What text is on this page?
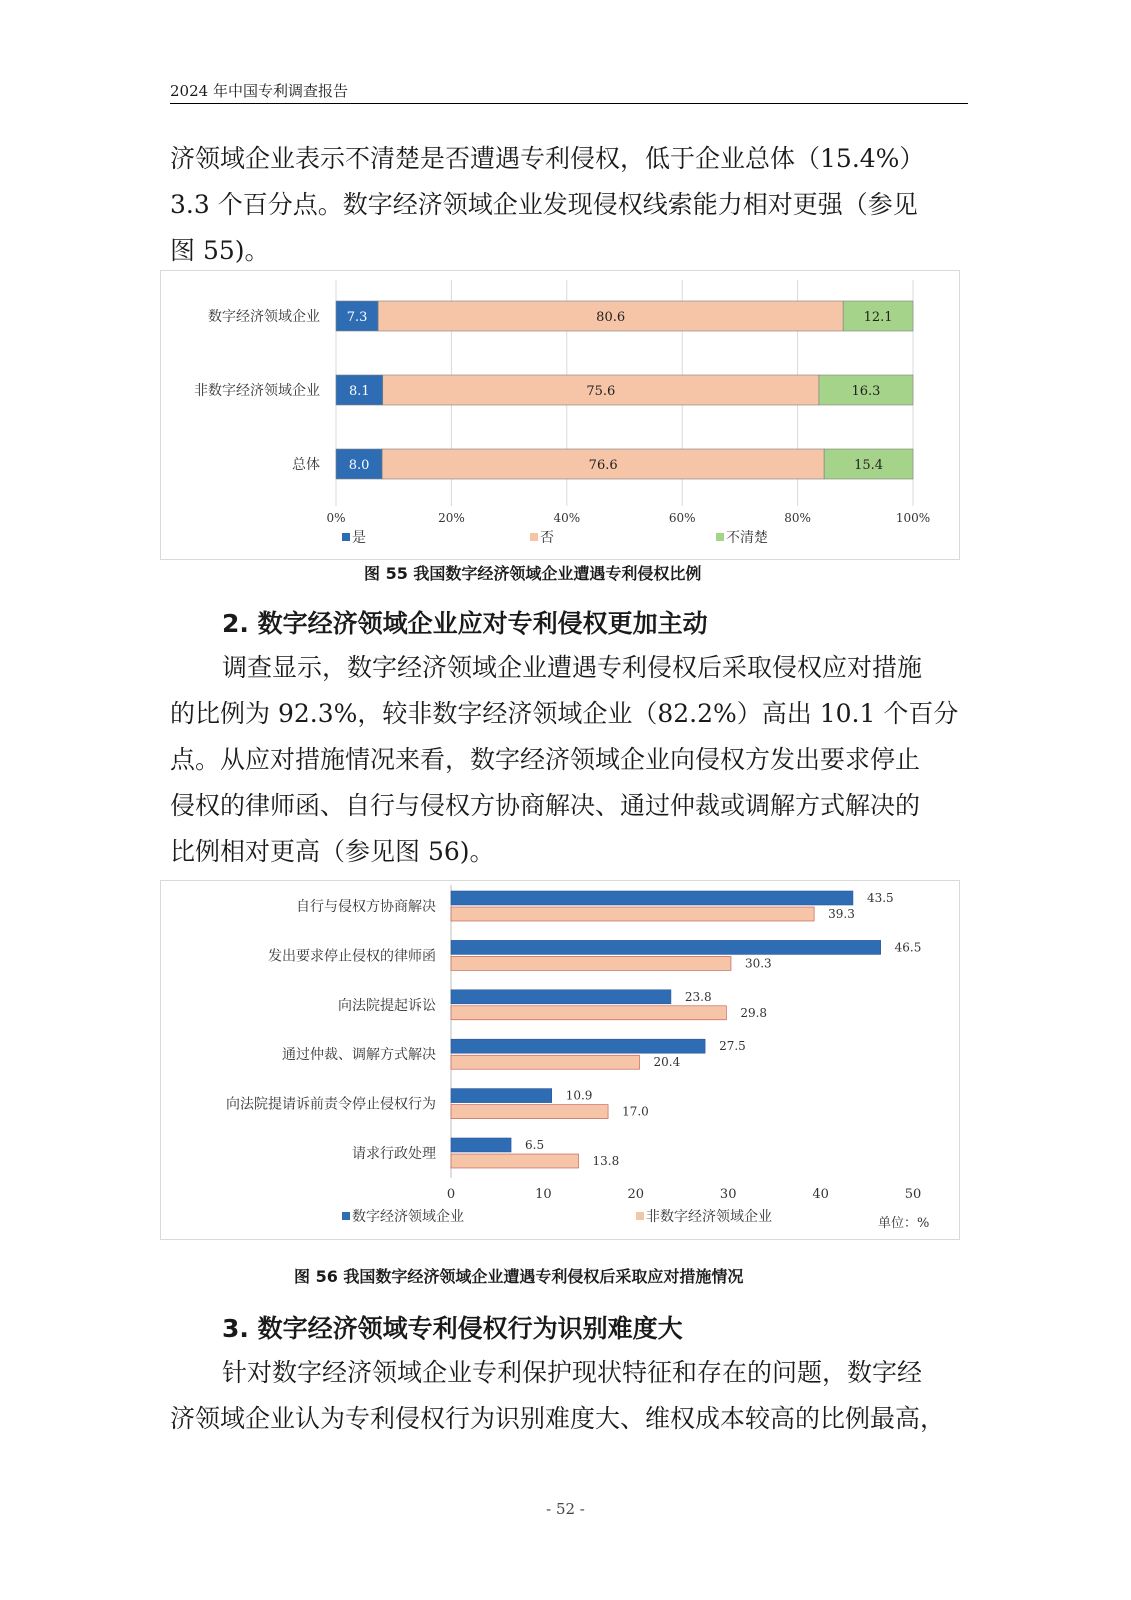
2024 年中国专利调查报告

济领域企业表示不清楚是否遭遇专利侵权，低于企业总体（15.4%）
3.3 个百分点。数字经济领域企业发现侵权线索能力相对更强（参见
图 55)。

0%	20%	40%	60%	80%	100%
数字经济领域企业 7.3	80.6	12.1
非数字经济领域企业 8.1	75.6	16.3
总体 8.0	76.6	15.4
是	否	不清楚
图 55 我国数字经济领域企业遭遇专利侵权比例
2. 数字经济领域企业应对专利侵权更加主动

调查显示，数字经济领域企业遭遇专利侵权后采取侵权应对措施
的比例为 92.3%，较非数字经济领域企业（82.2%）高出 10.1 个百分
点。从应对措施情况来看，数字经济领域企业向侵权方发出要求停止
侵权的律师函、自行与侵权方协商解决、通过仲裁或调解方式解决的
比例相对更高（参见图 56)。

0	10	20	30	40	50
自行与侵权方协商解决
43.5
39.3
发出要求停止侵权的律师函
46.5
30.3
向法院提起诉讼
23.8
29.8
通过仲裁、调解方式解决
27.5
20.4
向法院提请诉前责令停止侵权行为
10.9
17.0
请求行政处理
6.5
13.8
数字经济领域企业	非数字经济领域企业	单位：%
图 56 我国数字经济领域企业遭遇专利侵权后采取应对措施情况
3. 数字经济领域专利侵权行为识别难度大

针对数字经济领域企业专利保护现状特征和存在的问题，数字经
济领域企业认为专利侵权行为识别难度大、维权成本较高的比例最高，

- 52 -
